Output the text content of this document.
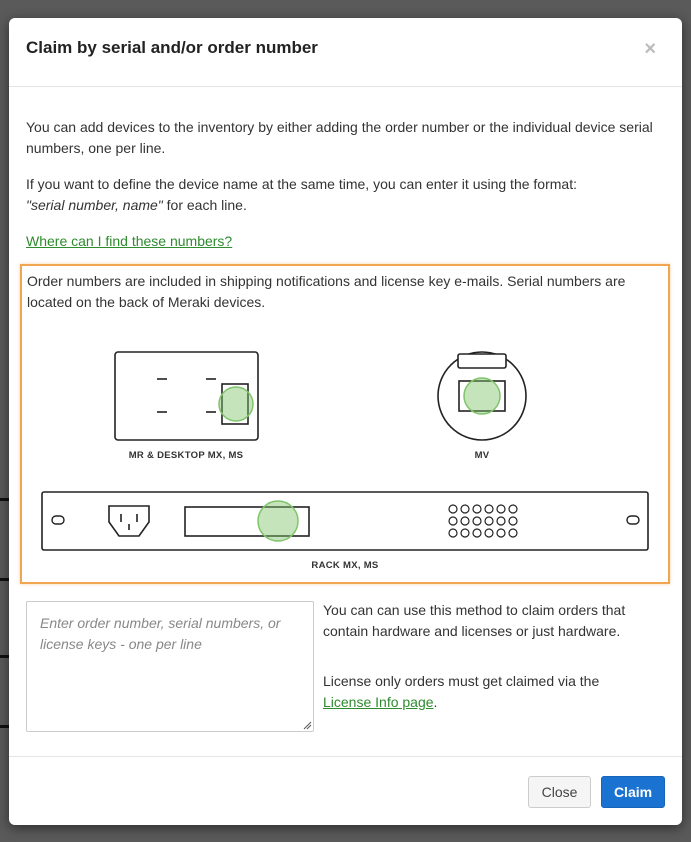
Claim by serial and/or order number	×
You can add devices to the inventory by either adding the order number or the individual device serial numbers, one per line.
If you want to define the device name at the same time, you can enter it using the format:
"serial number, name" for each line.
Where can I find these numbers?
Order numbers are included in shipping notifications and license key e-mails. Serial numbers are located on the back of Meraki devices.
MR & DESKTOP MX, MS	MV
RACK MX, MS
Enter order number, serial numbers, or license keys - one per line
You can can use this method to claim orders that contain hardware and licenses or just hardware.
License only orders must get claimed via the
License Info page.
Close	Claim
